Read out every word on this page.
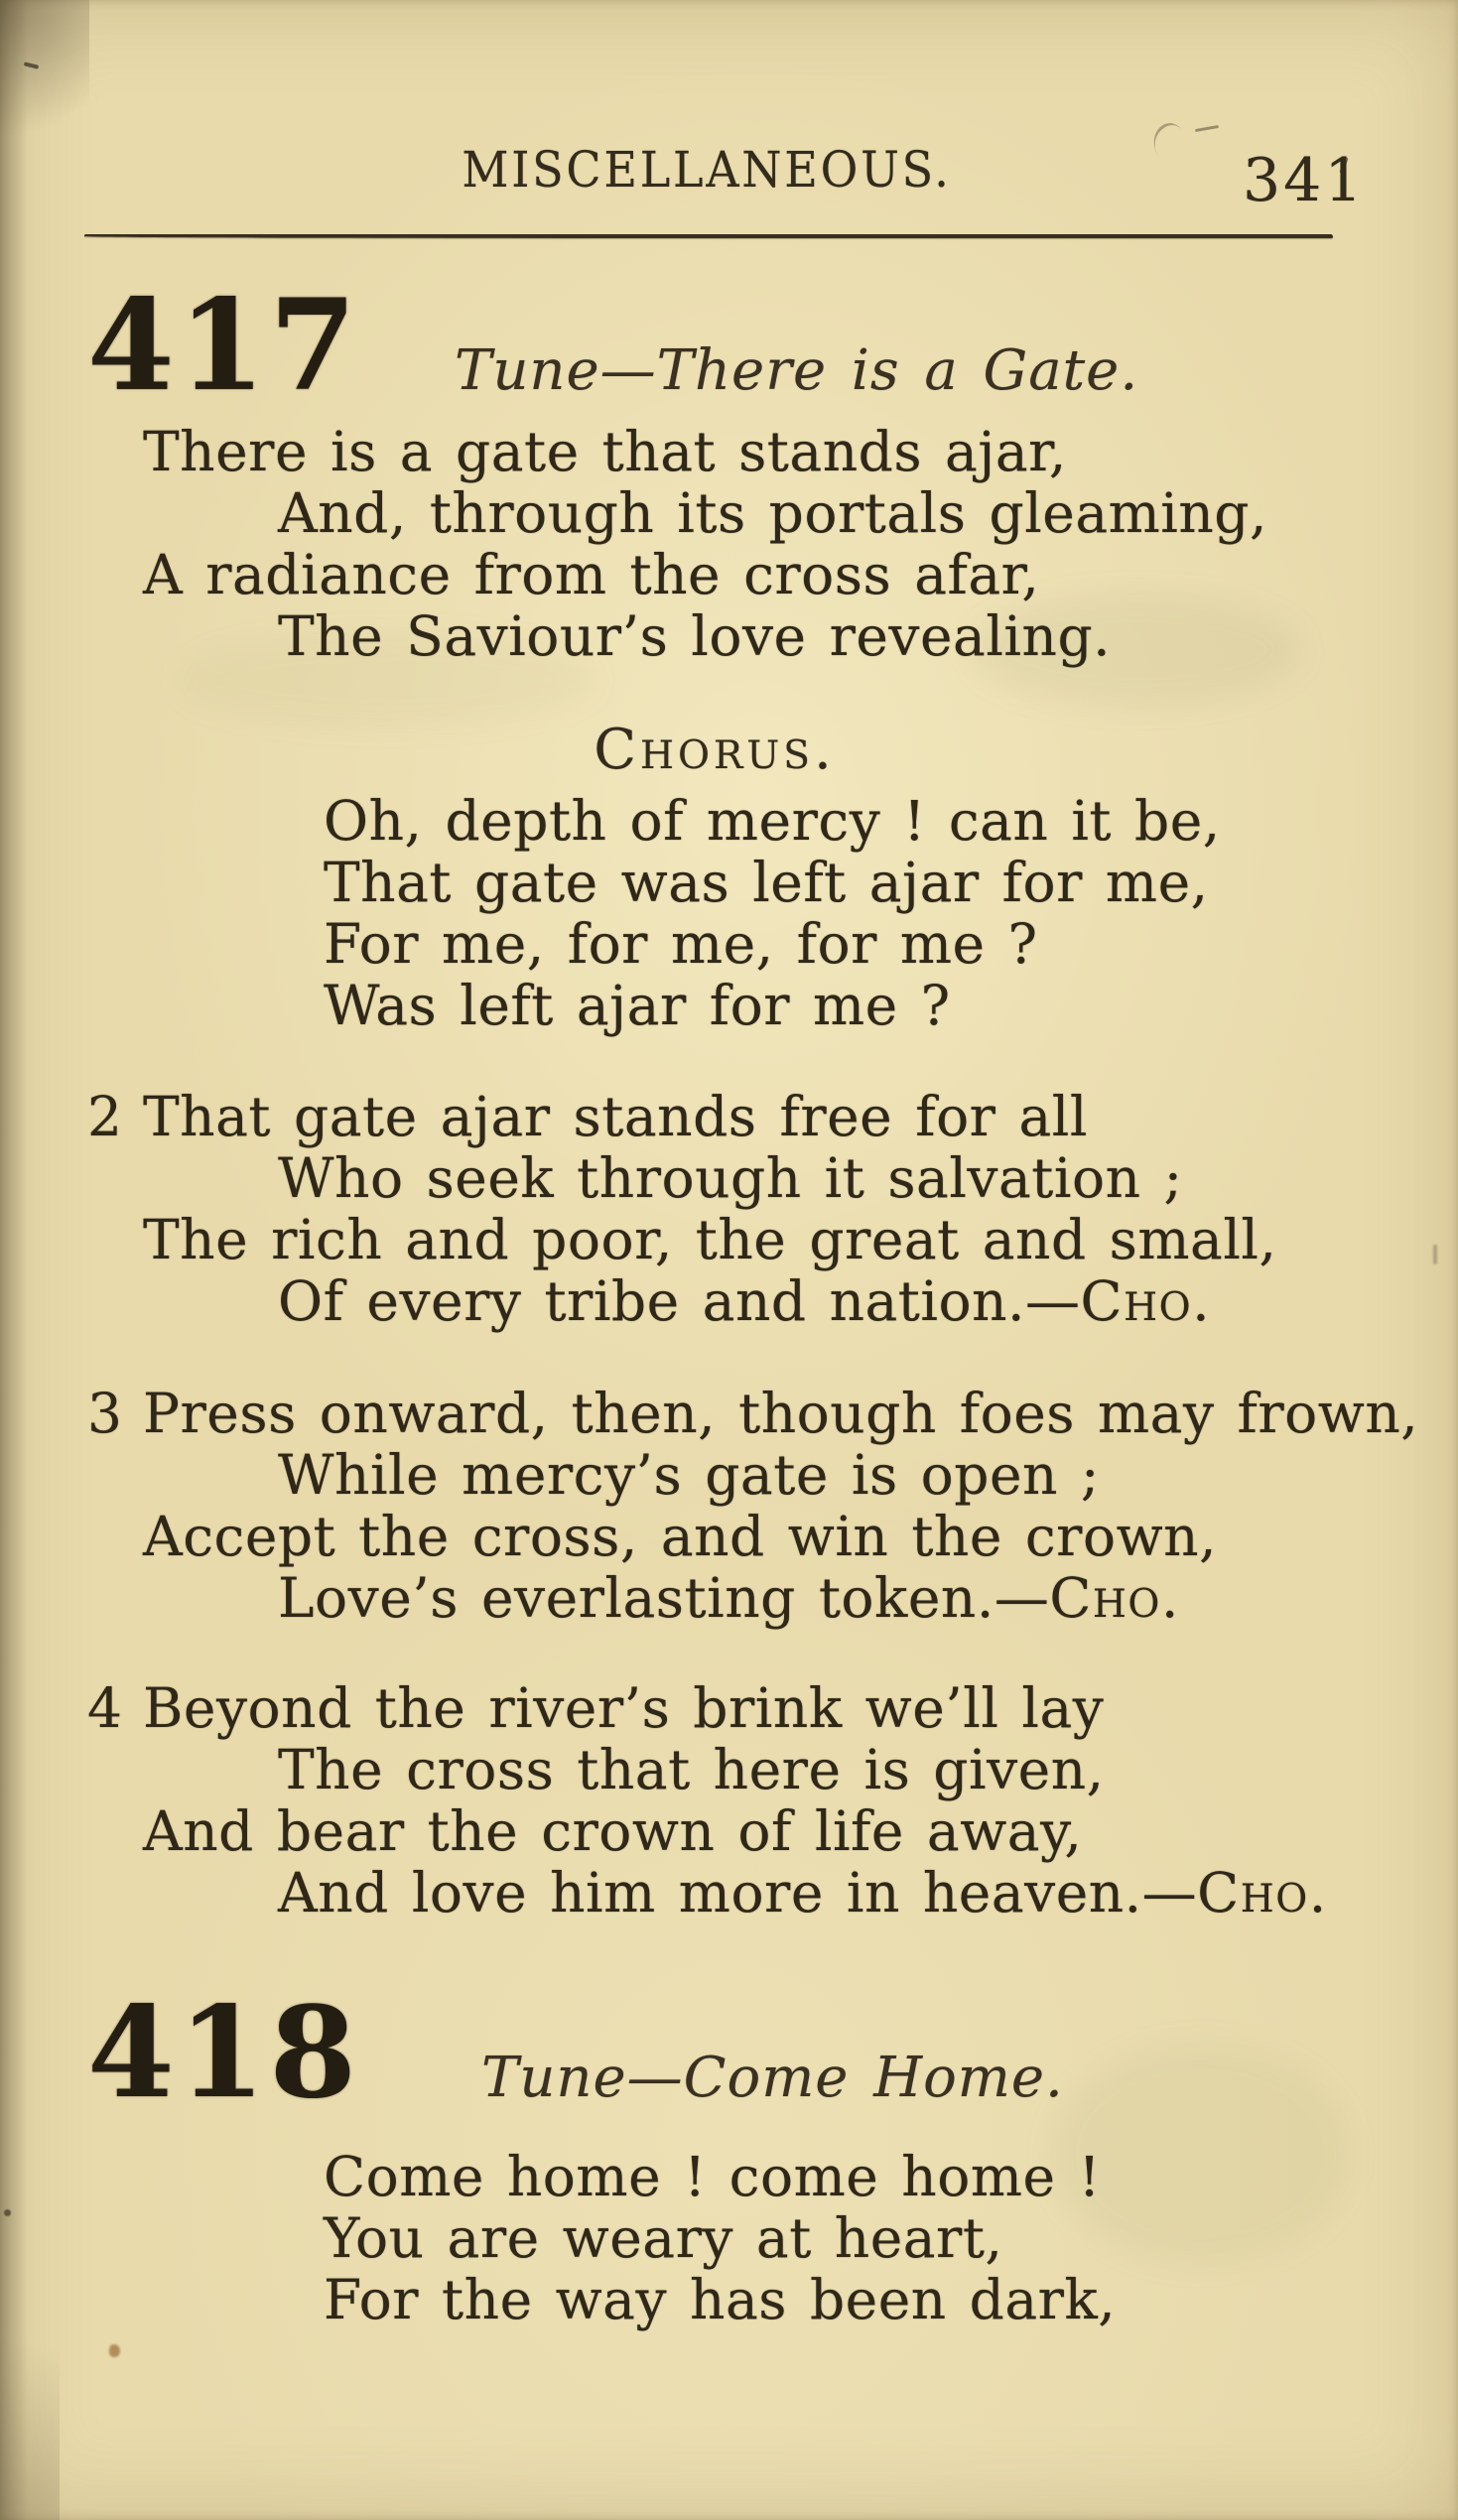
MISCELLANEOUS.	341
417 Tune—There is a Gate.
There is a gate that stands ajar,
And, through its portals gleaming,
A radiance from the cross afar,
The Saviour’s love revealing.
Chorus.
Oh, depth of mercy ! can it be,
That gate was left ajar for me,
For me, for me, for me ?
Was left ajar for me ?
2 That gate ajar stands free for all
Who seek through it salvation ;
The rich and poor, the great and small,
Of every tribe and nation.—Cho.
3 Press onward, then, though foes may frown,
While mercy’s gate is open ;
Accept the cross, and win the crown,
Love’s everlasting token.—Cho.
4 Beyond the river’s brink we’ll lay
The cross that here is given,
And bear the crown of life away,
And love him more in heaven.—Cho.
418 Tune—Come Home.
Come home ! come home !
You are weary at heart,
For the way has been dark,
